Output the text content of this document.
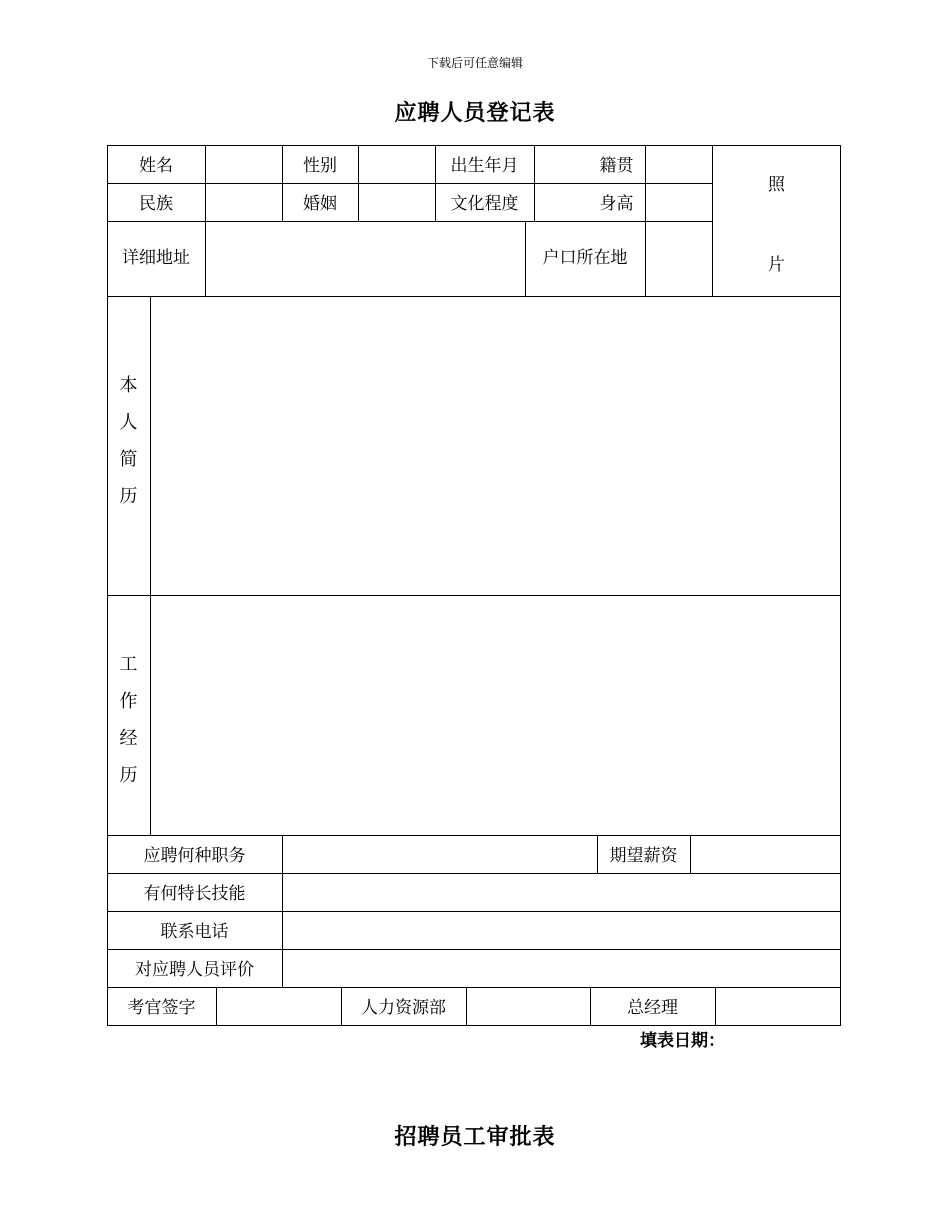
下载后可任意编辑
应聘人员登记表
姓名	性别	出生年月	籍贯
民族	婚姻	文化程度	身高
详细地址	户口所在地
照
片
本
人
简
历
工
作
经
历
应聘何种职务	期望薪资
有何特长技能
联系电话
对应聘人员评价
考官签字	人力资源部	总经理
填表日期：
招聘员工审批表
